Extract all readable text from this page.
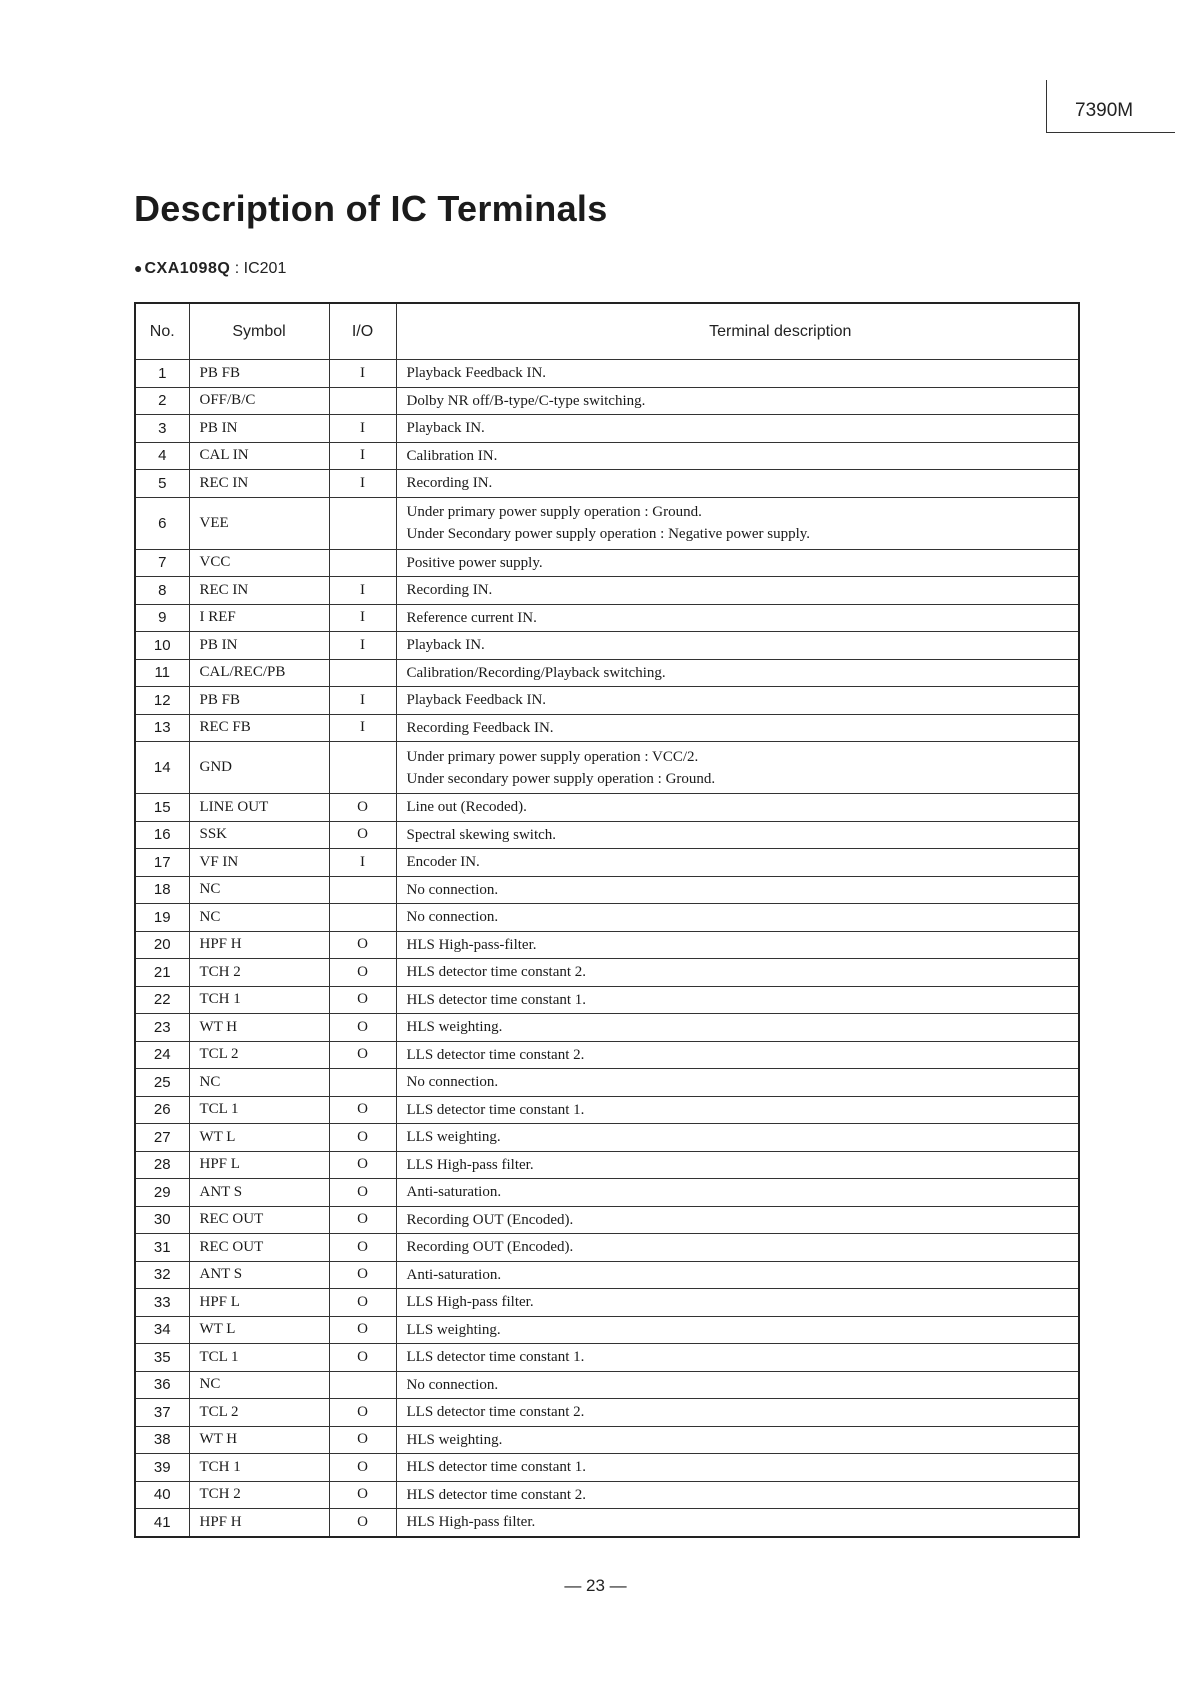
7390M
Description of IC Terminals
● CXA1098Q : IC201
No.	Symbol	I/O	Terminal description
1	PB FB	I	Playback Feedback IN.
2	OFF/B/C		Dolby NR off/B-type/C-type switching.
3	PB IN	I	Playback IN.
4	CAL IN	I	Calibration IN.
5	REC IN	I	Recording IN.
6	VEE		Under primary power supply operation : Ground.
Under Secondary power supply operation : Negative power supply.
7	VCC		Positive power supply.
8	REC IN	I	Recording IN.
9	I REF	I	Reference current IN.
10	PB IN	I	Playback IN.
11	CAL/REC/PB		Calibration/Recording/Playback switching.
12	PB FB	I	Playback Feedback IN.
13	REC FB	I	Recording Feedback IN.
14	GND		Under primary power supply operation : VCC/2.
Under secondary power supply operation : Ground.
15	LINE OUT	O	Line out (Recoded).
16	SSK	O	Spectral skewing switch.
17	VF IN	I	Encoder IN.
18	NC		No connection.
19	NC		No connection.
20	HPF H	O	HLS High-pass-filter.
21	TCH 2	O	HLS detector time constant 2.
22	TCH 1	O	HLS detector time constant 1.
23	WT H	O	HLS weighting.
24	TCL 2	O	LLS detector time constant 2.
25	NC		No connection.
26	TCL 1	O	LLS detector time constant 1.
27	WT L	O	LLS weighting.
28	HPF L	O	LLS High-pass filter.
29	ANT S	O	Anti-saturation.
30	REC OUT	O	Recording OUT (Encoded).
31	REC OUT	O	Recording OUT (Encoded).
32	ANT S	O	Anti-saturation.
33	HPF L	O	LLS High-pass filter.
34	WT L	O	LLS weighting.
35	TCL 1	O	LLS detector time constant 1.
36	NC		No connection.
37	TCL 2	O	LLS detector time constant 2.
38	WT H	O	HLS weighting.
39	TCH 1	O	HLS detector time constant 1.
40	TCH 2	O	HLS detector time constant 2.
41	HPF H	O	HLS High-pass filter.
— 23 —
